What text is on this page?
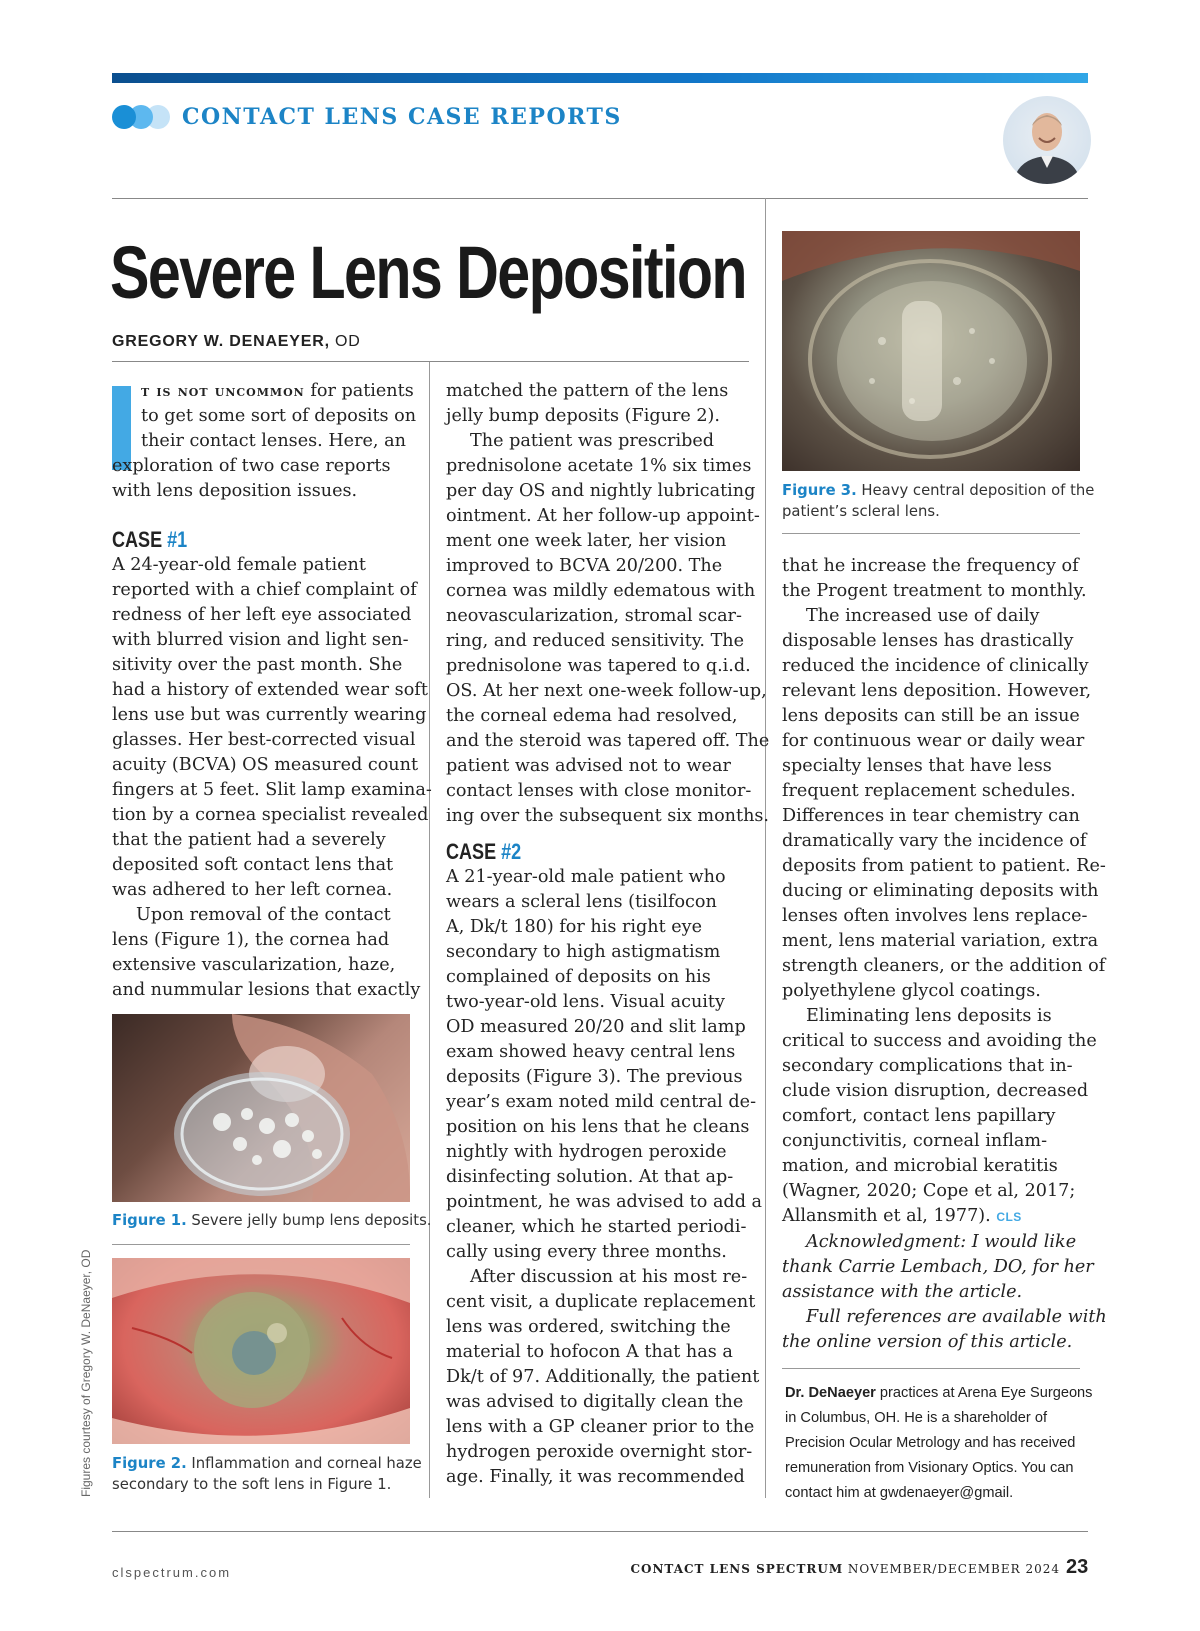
CONTACT LENS CASE REPORTS
Severe Lens Deposition
GREGORY W. DENAEYER, OD

t is not uncommon for patients

to get some sort of deposits on

their contact lenses. Here, an

exploration of two case reports

with lens deposition issues.

CASE #1

A 24-year-old female patient

reported with a chief complaint of

redness of her left eye associated

with blurred vision and light sen-

sitivity over the past month. She

had a history of extended wear soft

lens use but was currently wearing

glasses. Her best-corrected visual

acuity (BCVA) OS measured count

fingers at 5 feet. Slit lamp examina-

tion by a cornea specialist revealed

that the patient had a severely

deposited soft contact lens that

was adhered to her left cornea.

Upon removal of the contact

lens (Figure 1), the cornea had

extensive vascularization, haze,

and nummular lesions that exactly

Figure 1. Severe jelly bump lens deposits.
Figure 2. Inflammation and corneal haze
secondary to the soft lens in Figure 1.
Figures courtesy of Gregory W. DeNaeyer, OD

matched the pattern of the lens

jelly bump deposits (Figure 2).

The patient was prescribed

prednisolone acetate 1% six times

per day OS and nightly lubricating

ointment. At her follow-up appoint-

ment one week later, her vision

improved to BCVA 20/200. The

cornea was mildly edematous with

neovascularization, stromal scar-

ring, and reduced sensitivity. The

prednisolone was tapered to q.i.d.

OS. At her next one-week follow-up,

the corneal edema had resolved,

and the steroid was tapered off. The

patient was advised not to wear

contact lenses with close monitor-

ing over the subsequent six months.

CASE #2

A 21-year-old male patient who

wears a scleral lens (tisilfocon

A, Dk/t 180) for his right eye

secondary to high astigmatism

complained of deposits on his

two-year-old lens. Visual acuity

OD measured 20/20 and slit lamp

exam showed heavy central lens

deposits (Figure 3). The previous

year’s exam noted mild central de-

position on his lens that he cleans

nightly with hydrogen peroxide

disinfecting solution. At that ap-

pointment, he was advised to add a

cleaner, which he started periodi-

cally using every three months.

After discussion at his most re-

cent visit, a duplicate replacement

lens was ordered, switching the

material to hofocon A that has a

Dk/t of 97. Additionally, the patient

was advised to digitally clean the

lens with a GP cleaner prior to the

hydrogen peroxide overnight stor-

age. Finally, it was recommended

Figure 3. Heavy central deposition of the
patient’s scleral lens.

that he increase the frequency of

the Progent treatment to monthly.

The increased use of daily

disposable lenses has drastically

reduced the incidence of clinically

relevant lens deposition. However,

lens deposits can still be an issue

for continuous wear or daily wear

specialty lenses that have less

frequent replacement schedules.

Differences in tear chemistry can

dramatically vary the incidence of

deposits from patient to patient. Re-

ducing or eliminating deposits with

lenses often involves lens replace-

ment, lens material variation, extra

strength cleaners, or the addition of

polyethylene glycol coatings.

Eliminating lens deposits is

critical to success and avoiding the

secondary complications that in-

clude vision disruption, decreased

comfort, contact lens papillary

conjunctivitis, corneal inflam-

mation, and microbial keratitis

(Wagner, 2020; Cope et al, 2017;

Allansmith et al, 1977). CLS

Acknowledgment: I would like

thank Carrie Lembach, DO, for her

assistance with the article.

Full references are available with

the online version of this article.

Dr. DeNaeyer practices at Arena Eye Surgeons

in Columbus, OH. He is a shareholder of

Precision Ocular Metrology and has received

remuneration from Visionary Optics. You can

contact him at gwdenaeyer@gmail.

clspectrum.com	CONTACT LENS SPECTRUM NOVEMBER/DECEMBER 2024 23
